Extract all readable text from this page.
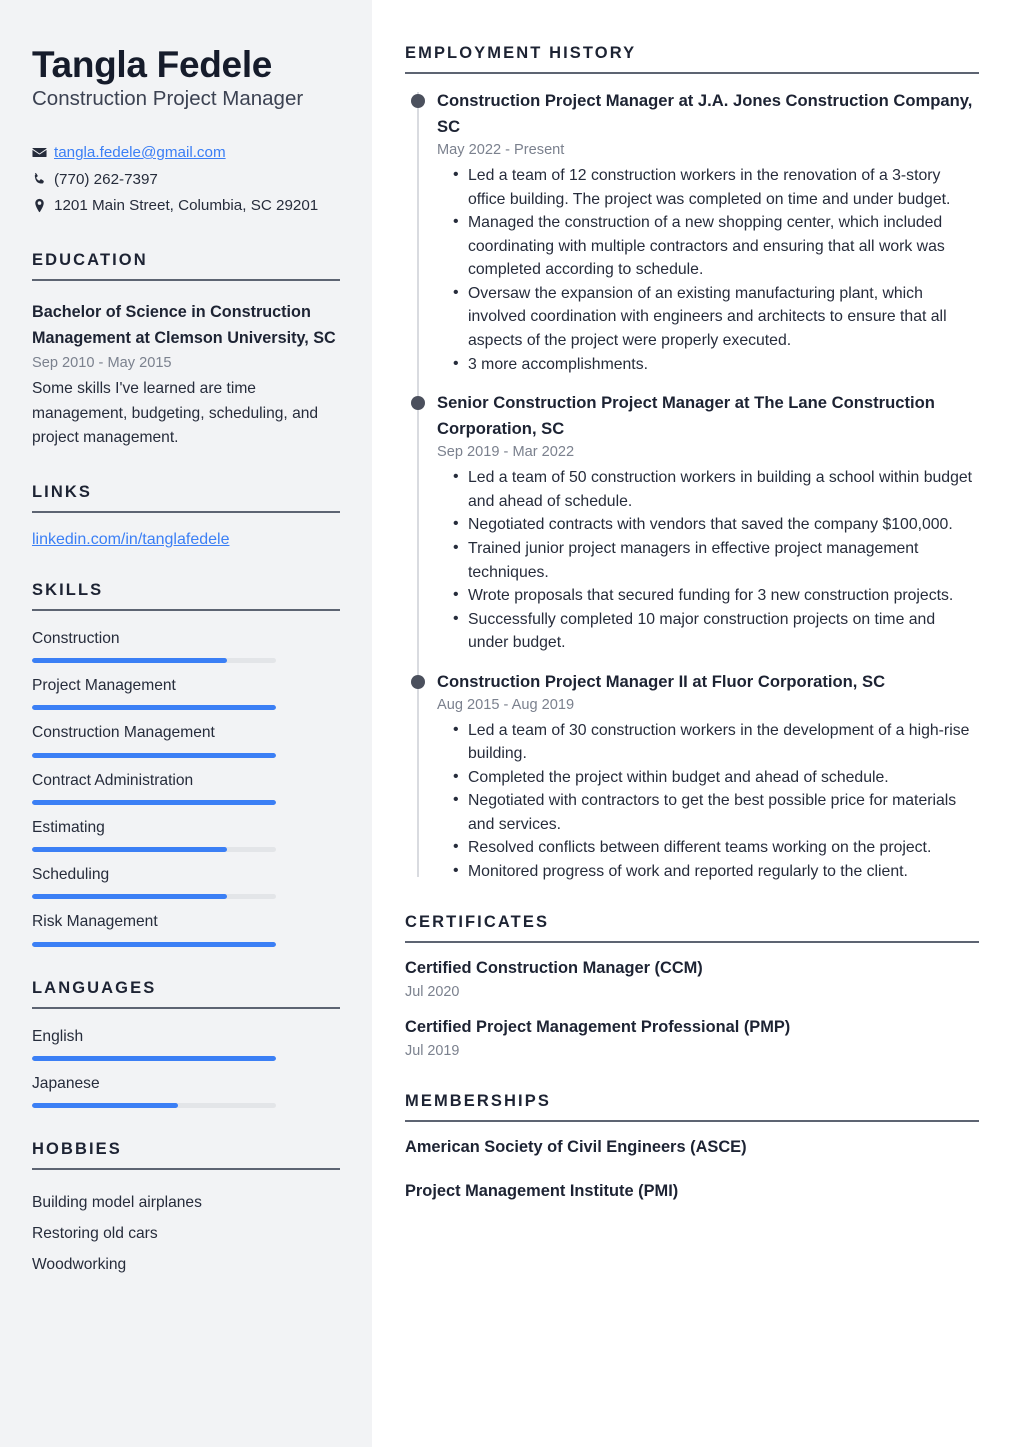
Tangla Fedele
Construction Project Manager
tangla.fedele@gmail.com
(770) 262-7397
1201 Main Street, Columbia, SC 29201
EDUCATION
Bachelor of Science in Construction Management at Clemson University, SC
Sep 2010 - May 2015
Some skills I've learned are time management, budgeting, scheduling, and project management.
LINKS
linkedin.com/in/tanglafedele
SKILLS
Construction
Project Management
Construction Management
Contract Administration
Estimating
Scheduling
Risk Management
LANGUAGES
English
Japanese
HOBBIES
Building model airplanes
Restoring old cars
Woodworking
EMPLOYMENT HISTORY
Construction Project Manager at J.A. Jones Construction Company, SC
May 2022 - Present
• Led a team of 12 construction workers in the renovation of a 3-story office building. The project was completed on time and under budget.
• Managed the construction of a new shopping center, which included coordinating with multiple contractors and ensuring that all work was completed according to schedule.
• Oversaw the expansion of an existing manufacturing plant, which involved coordination with engineers and architects to ensure that all aspects of the project were properly executed.
• 3 more accomplishments.
Senior Construction Project Manager at The Lane Construction Corporation, SC
Sep 2019 - Mar 2022
• Led a team of 50 construction workers in building a school within budget and ahead of schedule.
• Negotiated contracts with vendors that saved the company $100,000.
• Trained junior project managers in effective project management techniques.
• Wrote proposals that secured funding for 3 new construction projects.
• Successfully completed 10 major construction projects on time and under budget.
Construction Project Manager II at Fluor Corporation, SC
Aug 2015 - Aug 2019
• Led a team of 30 construction workers in the development of a high-rise building.
• Completed the project within budget and ahead of schedule.
• Negotiated with contractors to get the best possible price for materials and services.
• Resolved conflicts between different teams working on the project.
• Monitored progress of work and reported regularly to the client.
CERTIFICATES
Certified Construction Manager (CCM)
Jul 2020
Certified Project Management Professional (PMP)
Jul 2019
MEMBERSHIPS
American Society of Civil Engineers (ASCE)
Project Management Institute (PMI)
